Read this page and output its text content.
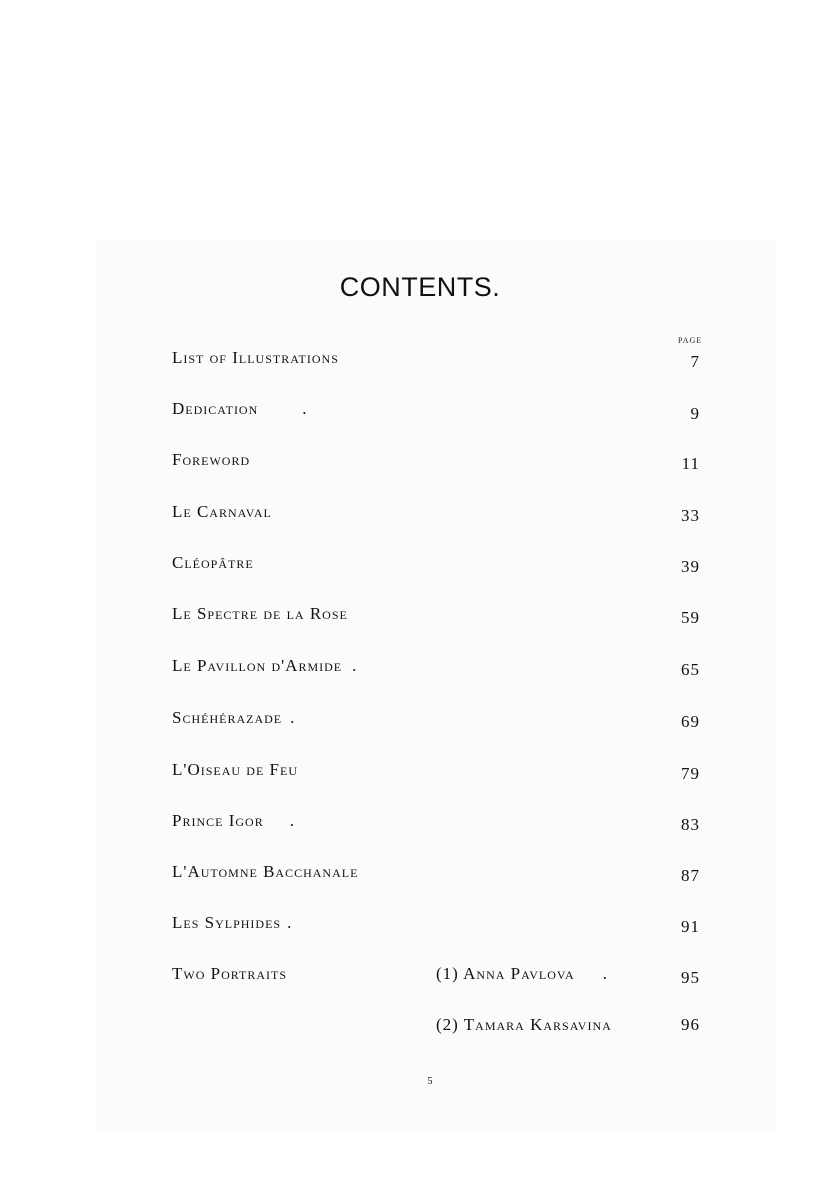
CONTENTS.
PAGE
List of Illustrations	7
Dedication	.	9
Foreword	11
Le Carnaval	33
Cléopâtre	39
Le Spectre de la Rose	59
Le Pavillon d'Armide .	65
Schéhérazade .	69
L'Oiseau de Feu	79
Prince Igor .	83
L'Automne Bacchanale	87
Les Sylphides .	91
Two Portraits	(1) Anna Pavlova .	95
(2) Tamara Karsavina	96
5
